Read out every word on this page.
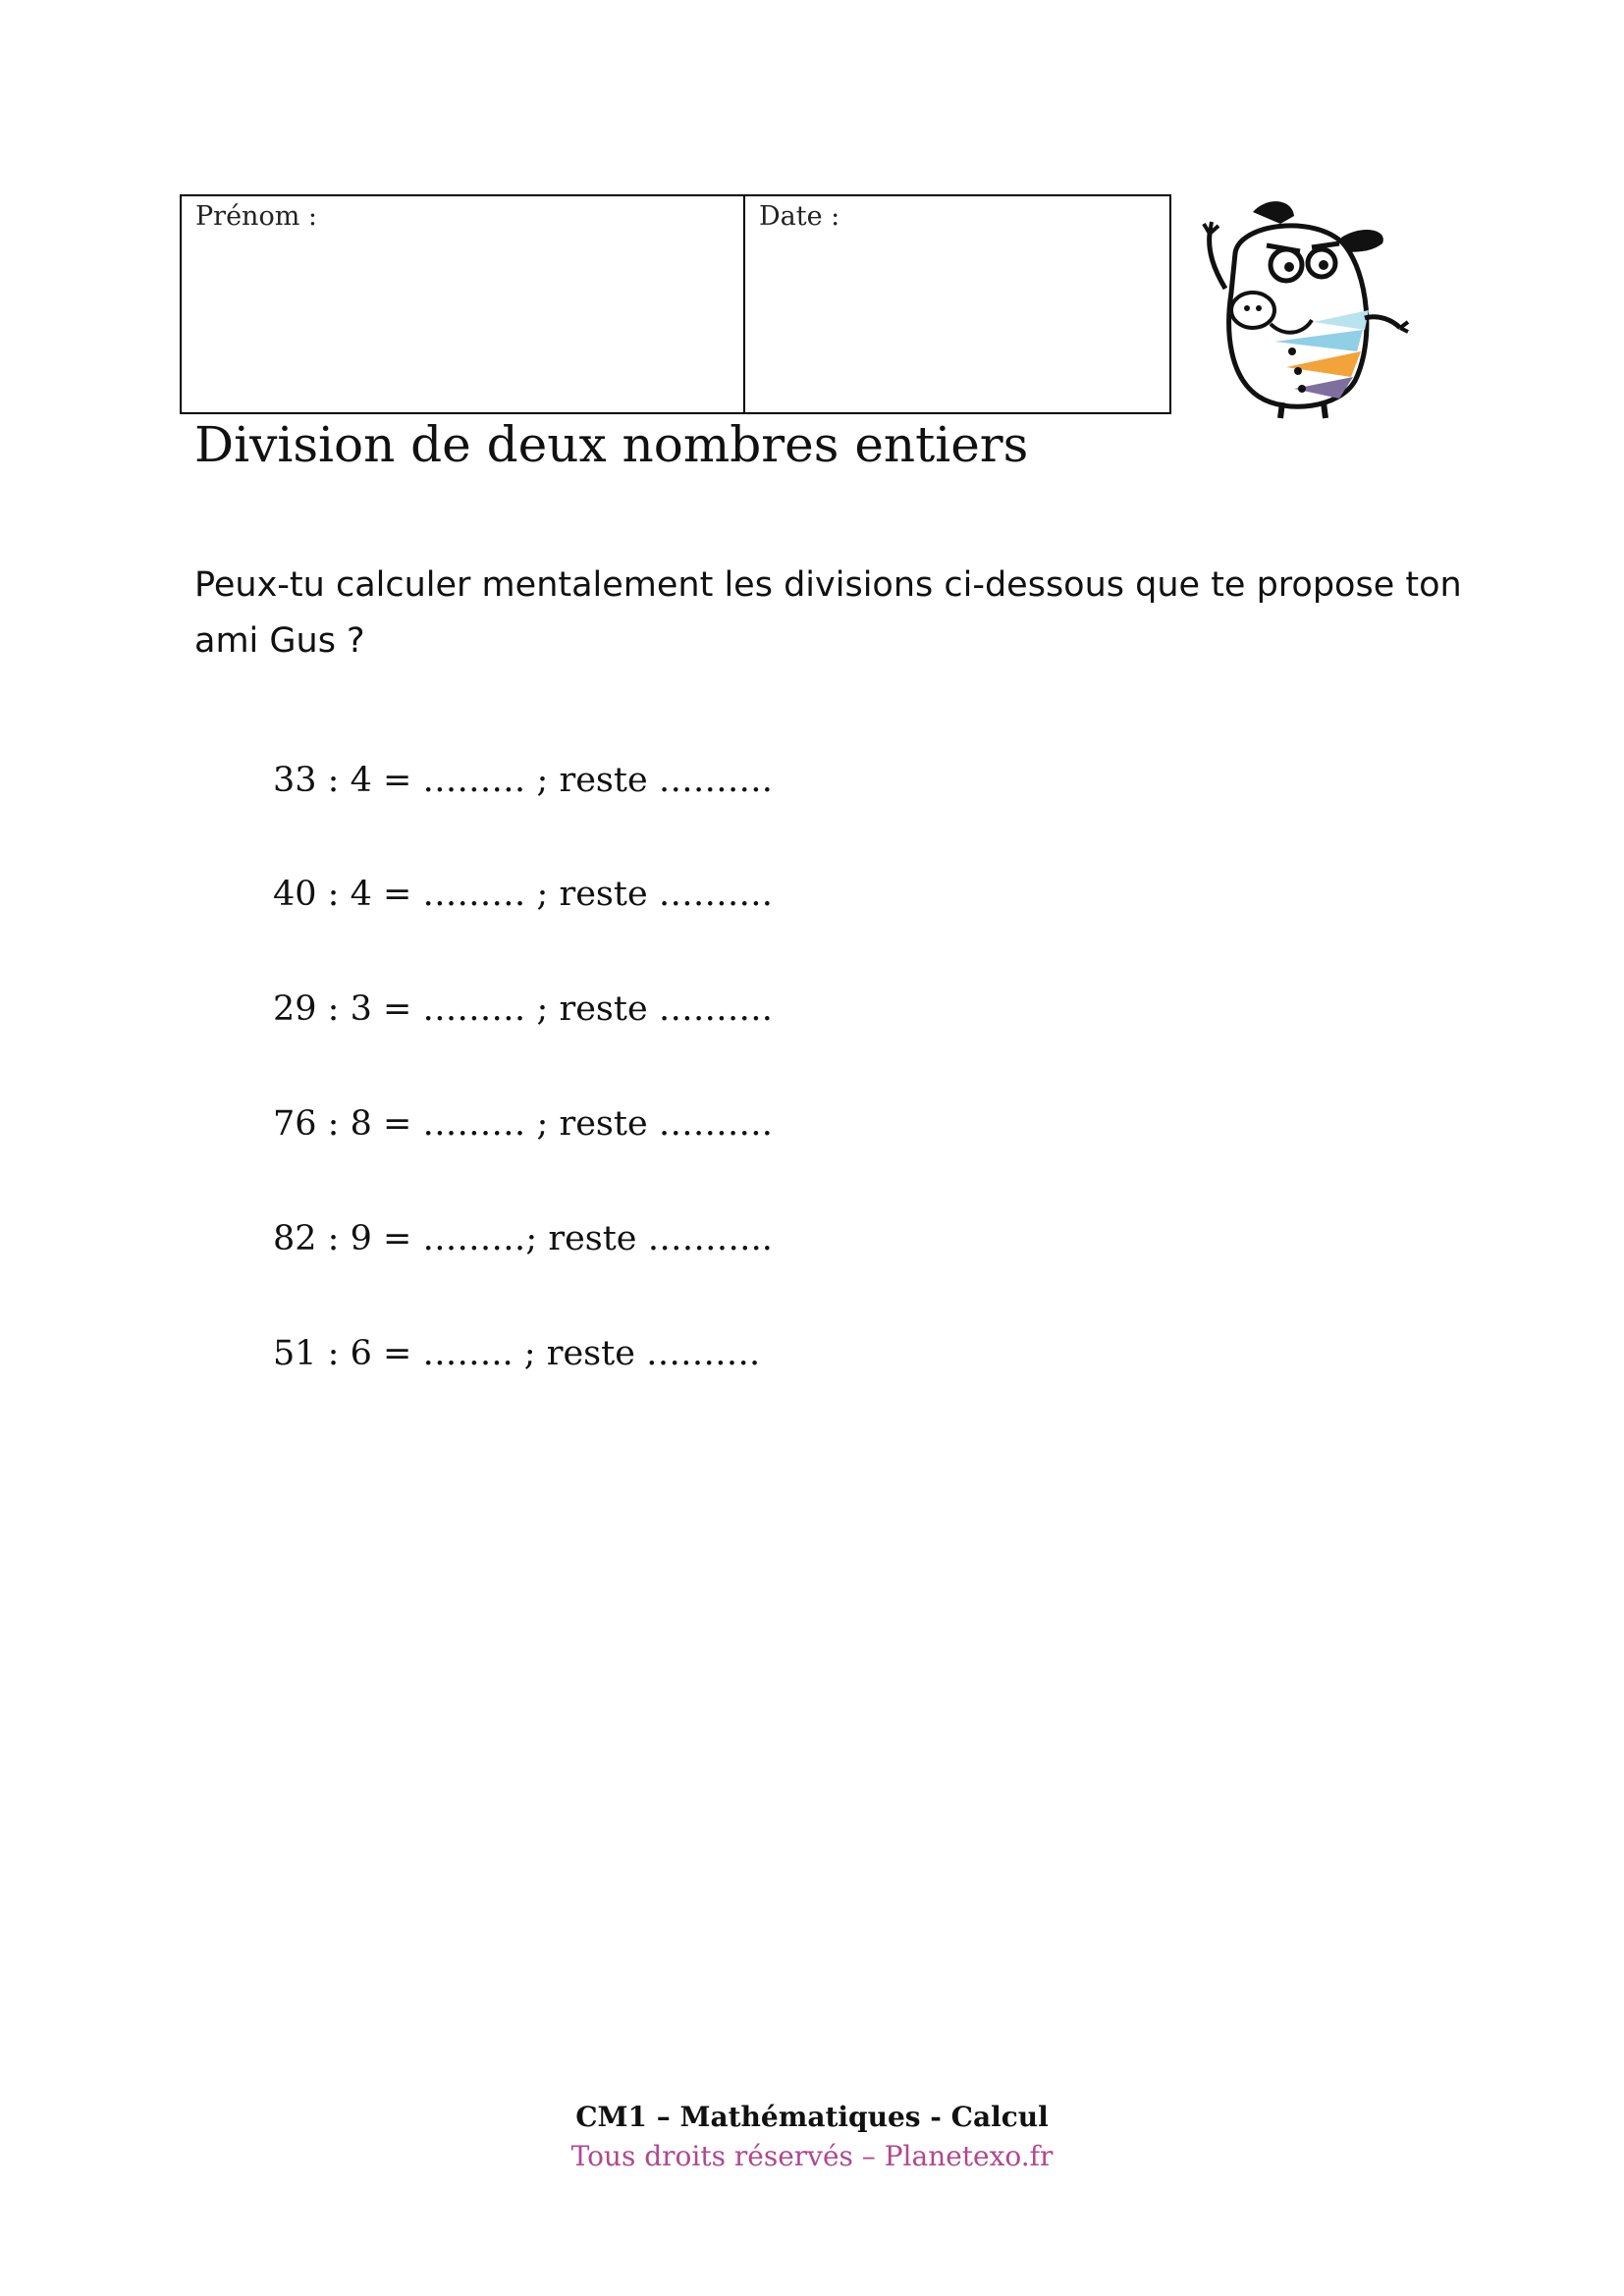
Prénom :	Date :
Division de deux nombres entiers

Peux-tu calculer mentalement les divisions ci-dessous que te propose ton ami Gus ?

33 : 4 = ……… ; reste ……….
40 : 4 = ……… ; reste ……….
29 : 3 = ……… ; reste ……….
76 : 8 = ……… ; reste ……….
82 : 9 = ………; reste ………..
51 : 6 = …….. ; reste ……….
CM1 – Mathématiques - Calcul
Tous droits réservés – Planetexo.fr
